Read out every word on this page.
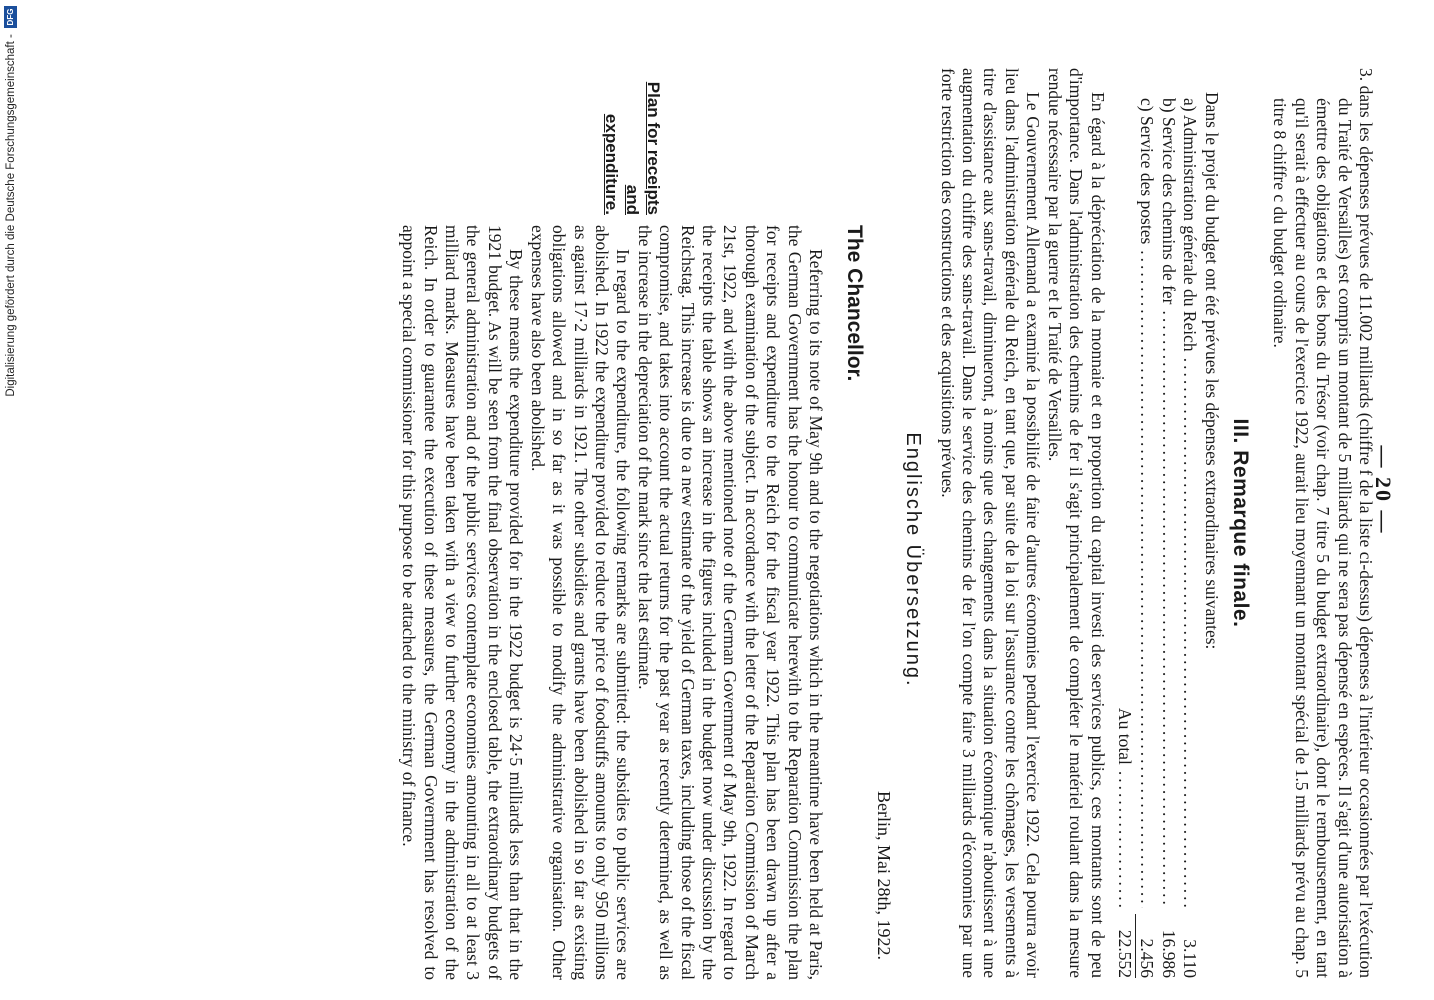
— 20 —

3. dans les dépenses prévues de 11.002 milliards (chiffre f de la liste ci-dessus) dépenses à l'intérieur occasionnées par l'exécution du Traité de Versailles) est compris un montant de 5 milliards qui ne sera pas dépensé en espèces. Il s'agit d'une autorisation à émettre des obligations et des bons du Trésor (voir chap. 7 titre 5 du budget extraordinaire), dont le remboursement, en tant qu'il serait à effectuer au cours de l'exercice 1922, aurait lieu moyennant un montant spécial de 1.5 milliards prévu au chap. 5 titre 8 chiffre c du budget ordinaire.

III. Remarque finale.

Dans le projet du budget ont été prévues les dépenses extraordinaires suivantes:

a) Administration générale du Reich
.....
3.110
b) Service des chemins de fer
.....
16.986
c) Service des postes
.....
2.456
Au total
.....
22.552

En égard à la dépréciation de la monnaie et en proportion du capital investi des services publics, ces montants sont de peu d'importance. Dans l'administration des chemins de fer il s'agit principalement de compléter le matériel roulant dans la mesure rendue nécessaire par la guerre et le Traité de Versailles.

Le Gouvernement Allemand a examiné la possibilité de faire d'autres économies pendant l'exercice 1922. Cela pourra avoir lieu dans l'administration générale du Reich, en tant que, par suite de la loi sur l'assurance contre les chômages, les versements à titre d'assistance aux sans-travail, diminueront, à moins que des changements dans la situation économique n'aboutissent à une augmentation du chiffre des sans-travail. Dans le service des chemins de fer l'on compte faire 3 milliards d'économies par une forte restriction des constructions et des acquisitions prévues.

Englische Übersetzung.
Berlin, Mai 28th, 1922.
The Chancellor.
Plan for receipts and expenditure.

Referring to its note of May 9th and to the negotiations which in the meantime have been held at Paris, the German Government has the honour to communicate herewith to the Reparation Commission the plan for receipts and expenditure to the Reich for the fiscal year 1922. This plan has been drawn up after a thorough examination of the subject. In accordance with the letter of the Reparation Commission of March 21st, 1922, and with the above mentioned note of the German Government of May 9th, 1922. In regard to the receipts the table shows an increase in the figures included in the budget now under discussion by the Reichstag. This increase is due to a new estimate of the yield of German taxes, including those of the fiscal compromise, and takes into account the actual returns for the past year as recently determined, as well as the increase in the depreciation of the mark since the last estimate.

In regard to the expenditure, the following remarks are submitted: the subsidies to public services are abolished. In 1922 the expenditure provided to reduce the price of foodstuffs amounts to only 950 millions as against 17·2 milliards in 1921. The other subsidies and grants have been abolished in so far as existing obligations allowed and in so far as it was possible to modify the administrative organisation. Other expenses have also been abolished.

By these means the expenditure provided for in the 1922 budget is 24·5 milliards less than that in the 1921 budget. As will be seen from the final observation in the enclosed table, the extraordinary budgets of the general administration and of the public services contemplate economies amounting in all to at least 3 milliard marks. Measures have been taken with a view to further economy in the administration of the Reich. In order to guarantee the execution of these measures, the German Government has resolved to appoint a special commissioner for this purpose to be attached to the ministry of finance.

Digitalisierung gefördert durch die Deutsche Forschungsgemeinschaft - DFG
